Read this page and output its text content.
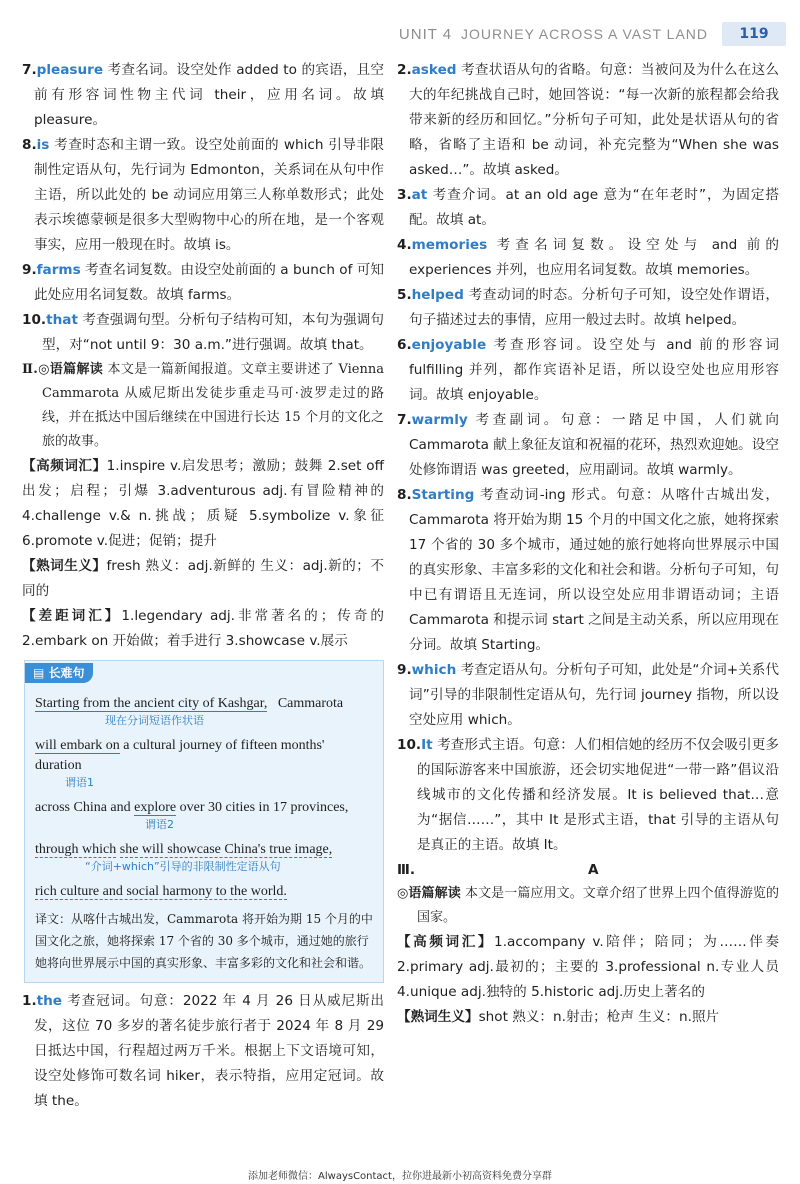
UNIT 4 JOURNEY ACROSS A VAST LAND	119

7.pleasure 考查名词。设空处作 added to 的宾语，且空前有形容词性物主代词 their，应用名词。故填 pleasure。

8.is 考查时态和主谓一致。设空处前面的 which 引导非限制性定语从句，先行词为 Edmonton，关系词在从句中作主语，所以此处的 be 动词应用第三人称单数形式；此处表示埃德蒙顿是很多大型购物中心的所在地，是一个客观事实，应用一般现在时。故填 is。

9.farms 考查名词复数。由设空处前面的 a bunch of 可知此处应用名词复数。故填 farms。

10.that 考查强调句型。分析句子结构可知，本句为强调句型，对“not until 9：30 a.m.”进行强调。故填 that。

Ⅱ.◎语篇解读 本文是一篇新闻报道。文章主要讲述了 Vienna Cammarota 从威尼斯出发徒步重走马可·波罗走过的路线，并在抵达中国后继续在中国进行长达 15 个月的文化之旅的故事。

【高频词汇】1.inspire v.启发思考；激励；鼓舞 2.set off 出发；启程；引爆 3.adventurous adj.有冒险精神的 4.challenge v.& n.挑战；质疑 5.symbolize v.象征 6.promote v.促进；促销；提升

【熟词生义】fresh 熟义：adj.新鲜的 生义：adj.新的；不同的

【差距词汇】1.legendary adj.非常著名的；传奇的 2.embark on 开始做；着手进行 3.showcase v.展示

▤ 长难句
Starting from the ancient city of Kashgar, Cammarota
现在分词短语作状语
will embark on a cultural journey of fifteen months' duration
谓语1
across China and explore over 30 cities in 17 provinces,
谓语2
through which she will showcase China's true image,
“介词+which”引导的非限制性定语从句
rich culture and social harmony to the world.
译文：从喀什古城出发，Cammarota 将开始为期 15 个月的中国文化之旅，她将探索 17 个省的 30 多个城市，通过她的旅行她将向世界展示中国的真实形象、丰富多彩的文化和社会和谐。

1.the 考查冠词。句意：2022 年 4 月 26 日从威尼斯出发，这位 70 多岁的著名徒步旅行者于 2024 年 8 月 29 日抵达中国，行程超过两万千米。根据上下文语境可知，设空处修饰可数名词 hiker，表示特指，应用定冠词。故填 the。

2.asked 考查状语从句的省略。句意：当被问及为什么在这么大的年纪挑战自己时，她回答说：“每一次新的旅程都会给我带来新的经历和回忆。”分析句子可知，此处是状语从句的省略，省略了主语和 be 动词，补充完整为“When she was asked…”。故填 asked。

3.at 考查介词。at an old age 意为“在年老时”，为固定搭配。故填 at。

4.memories 考查名词复数。设空处与 and 前的 experiences 并列，也应用名词复数。故填 memories。

5.helped 考查动词的时态。分析句子可知，设空处作谓语，句子描述过去的事情，应用一般过去时。故填 helped。

6.enjoyable 考查形容词。设空处与 and 前的形容词 fulfilling 并列，都作宾语补足语，所以设空处也应用形容词。故填 enjoyable。

7.warmly 考查副词。句意：一踏足中国，人们就向 Cammarota 献上象征友谊和祝福的花环，热烈欢迎她。设空处修饰谓语 was greeted，应用副词。故填 warmly。

8.Starting 考查动词-ing 形式。句意：从喀什古城出发，Cammarota 将开始为期 15 个月的中国文化之旅，她将探索 17 个省的 30 多个城市，通过她的旅行她将向世界展示中国的真实形象、丰富多彩的文化和社会和谐。分析句子可知，句中已有谓语且无连词，所以设空处应用非谓语动词；主语 Cammarota 和提示词 start 之间是主动关系，所以应用现在分词。故填 Starting。

9.which 考查定语从句。分析句子可知，此处是“介词+关系代词”引导的非限制性定语从句，先行词 journey 指物，所以设空处应用 which。

10.It 考查形式主语。句意：人们相信她的经历不仅会吸引更多的国际游客来中国旅游，还会切实地促进“一带一路”倡议沿线城市的文化传播和经济发展。It is believed that…意为“据信……”，其中 It 是形式主语，that 引导的主语从句是真正的主语。故填 It。

Ⅲ.	A

◎语篇解读 本文是一篇应用文。文章介绍了世界上四个值得游览的国家。

【高频词汇】1.accompany v.陪伴；陪同；为……伴奏 2.primary adj.最初的；主要的 3.professional n.专业人员 4.unique adj.独特的 5.historic adj.历史上著名的

【熟词生义】shot 熟义：n.射击；枪声 生义：n.照片

添加老师微信：AlwaysContact，拉你进最新小初高资料免费分享群
